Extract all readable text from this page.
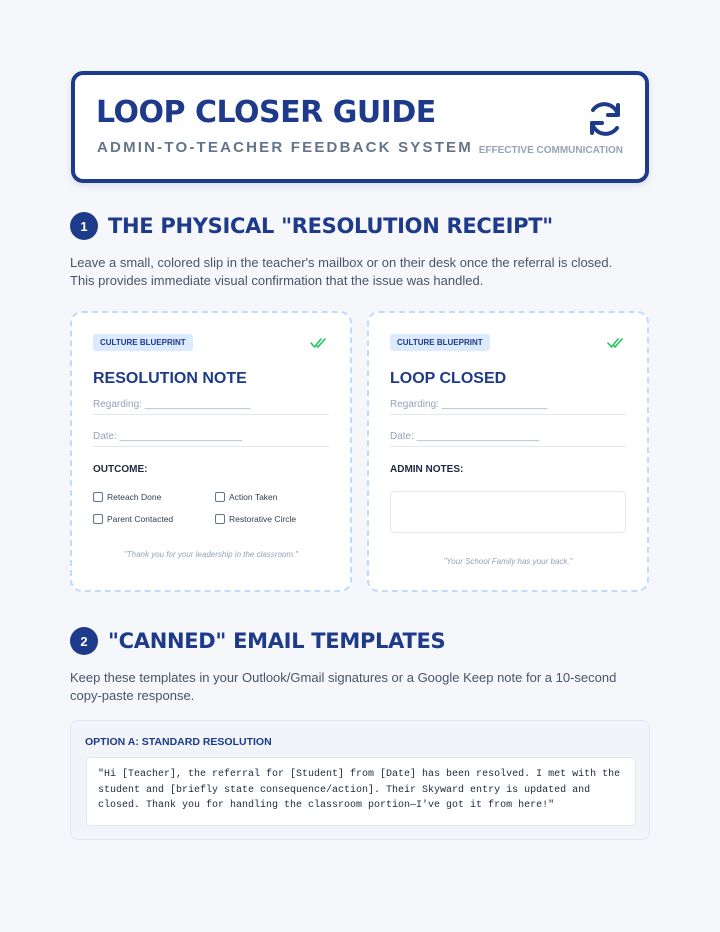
LOOP CLOSER GUIDE
ADMIN-TO-TEACHER FEEDBACK SYSTEM EFFECTIVE COMMUNICATION
1 THE PHYSICAL "RESOLUTION RECEIPT"
Leave a small, colored slip in the teacher's mailbox or on their desk once the referral is closed. This provides immediate visual confirmation that the issue was handled.
CULTURE BLUEPRINT
RESOLUTION NOTE
Regarding: ___________________
Date: ______________________
OUTCOME:
Reteach Done	Action Taken
Parent Contacted	Restorative Circle
"Thank you for your leadership in the classroom."
CULTURE BLUEPRINT
LOOP CLOSED
Regarding: ___________________
Date: ______________________
ADMIN NOTES:
"Your School Family has your back."
2 "CANNED" EMAIL TEMPLATES
Keep these templates in your Outlook/Gmail signatures or a Google Keep note for a 10-second copy-paste response.
OPTION A: STANDARD RESOLUTION
"Hi [Teacher], the referral for [Student] from [Date] has been resolved. I met with the student and [briefly state consequence/action]. Their Skyward entry is updated and closed. Thank you for handling the classroom portion—I've got it from here!"
